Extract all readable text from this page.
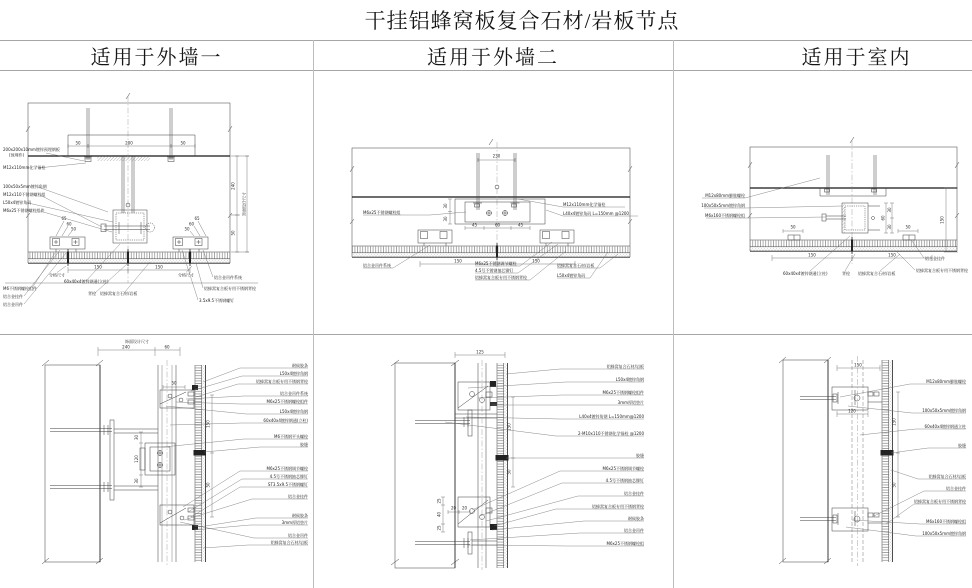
干挂铝蜂窝板复合石材/岩板节点
适用于外墙一	适用于外墙二	适用于室内
50	200	50
65
60
50
65
60
50
150	150
240
50
饰面设计尺寸
200x200x10mm镀锌预埋钢板
(预埋件)
M12x110mm化学锚栓
100x50x5mm镀锌角钢
M12x110不锈钢螺栓组
L50x4镀锌角码
M6x25不锈钢螺栓组件
M6不锈钢螺栓组件
铝合金挂件
铝合金吊件
60x40x4镀锌钢通(立柱)
背栓 铝蜂窝复合石材/岩板
铝合金吊件系统
铝蜂窝复合板专用不锈钢背栓
3.5x9.5不锈钢螺钉
分格尺寸	分格尺寸
230
45	60	45
30
30
150	150
M6x25不锈钢螺栓组
M12x110mm化学锚栓
L40x4镀锌角码 L=150mm @1200
铝合金吊件系统	M6x25不锈钢调节螺栓
4.5号不锈钢抽芯铆钉
铝蜂窝复合板专用不锈钢背栓
铝蜂窝复合石材/岩板
L50x4镀锌角码
50	50
60
30
30
150	150
150
M12x80mm膨胀螺栓
100x50x5mm镀锌角钢
M6x160不锈钢螺栓组
60x40x4镀锌钢通(立柱)	背栓 铝蜂窝复合石材/岩板
铝合金挂件
铝蜂窝复合板专用不锈钢背栓
饰面设计尺寸
240	60
50
30
120
30
150
50
耐候胶条
L50x4镀锌角钢
铝蜂窝复合板专用不锈钢背栓
铝合金吊件系统
M6x25不锈钢螺栓组件
L50x4镀锌角钢
60x40x4镀锌钢通(立柱)
M6不锈钢平头螺栓
胶缝
M6x25不锈钢调节螺栓
4.5号不锈钢抽芯铆钉
ST3.5x9.5不锈钢螺钉
铝合金挂件
耐候胶条
3mm厚铝垫片
铝合金吊件
铝蜂窝复合石材/岩板
125
150
50
20 20
25
40
25
铝蜂窝复合石材/岩板
L50x4镀锌角钢
M6x25不锈钢螺栓组件
3mm厚铝垫片
L40x4镀锌角钢 L=150mm@1200
2-M10x110不锈钢化学锚栓 @1200
胶缝
M6x25不锈钢调节螺栓
4.5号不锈钢抽芯铆钉
铝合金挂件
铝蜂窝复合板专用不锈钢背栓
耐候胶条
铝合金吊件
M6x25不锈钢螺栓组
150
120
150
50
M12x80mm膨胀螺栓
100x50x5mm镀锌角钢
60x40x4镀锌钢通立柱
胶缝
铝蜂窝复合石材/岩板
铝合金挂件
铝蜂窝复合板专用不锈钢背栓
M6x160不锈钢螺栓组
100x50x5mm镀锌角钢
